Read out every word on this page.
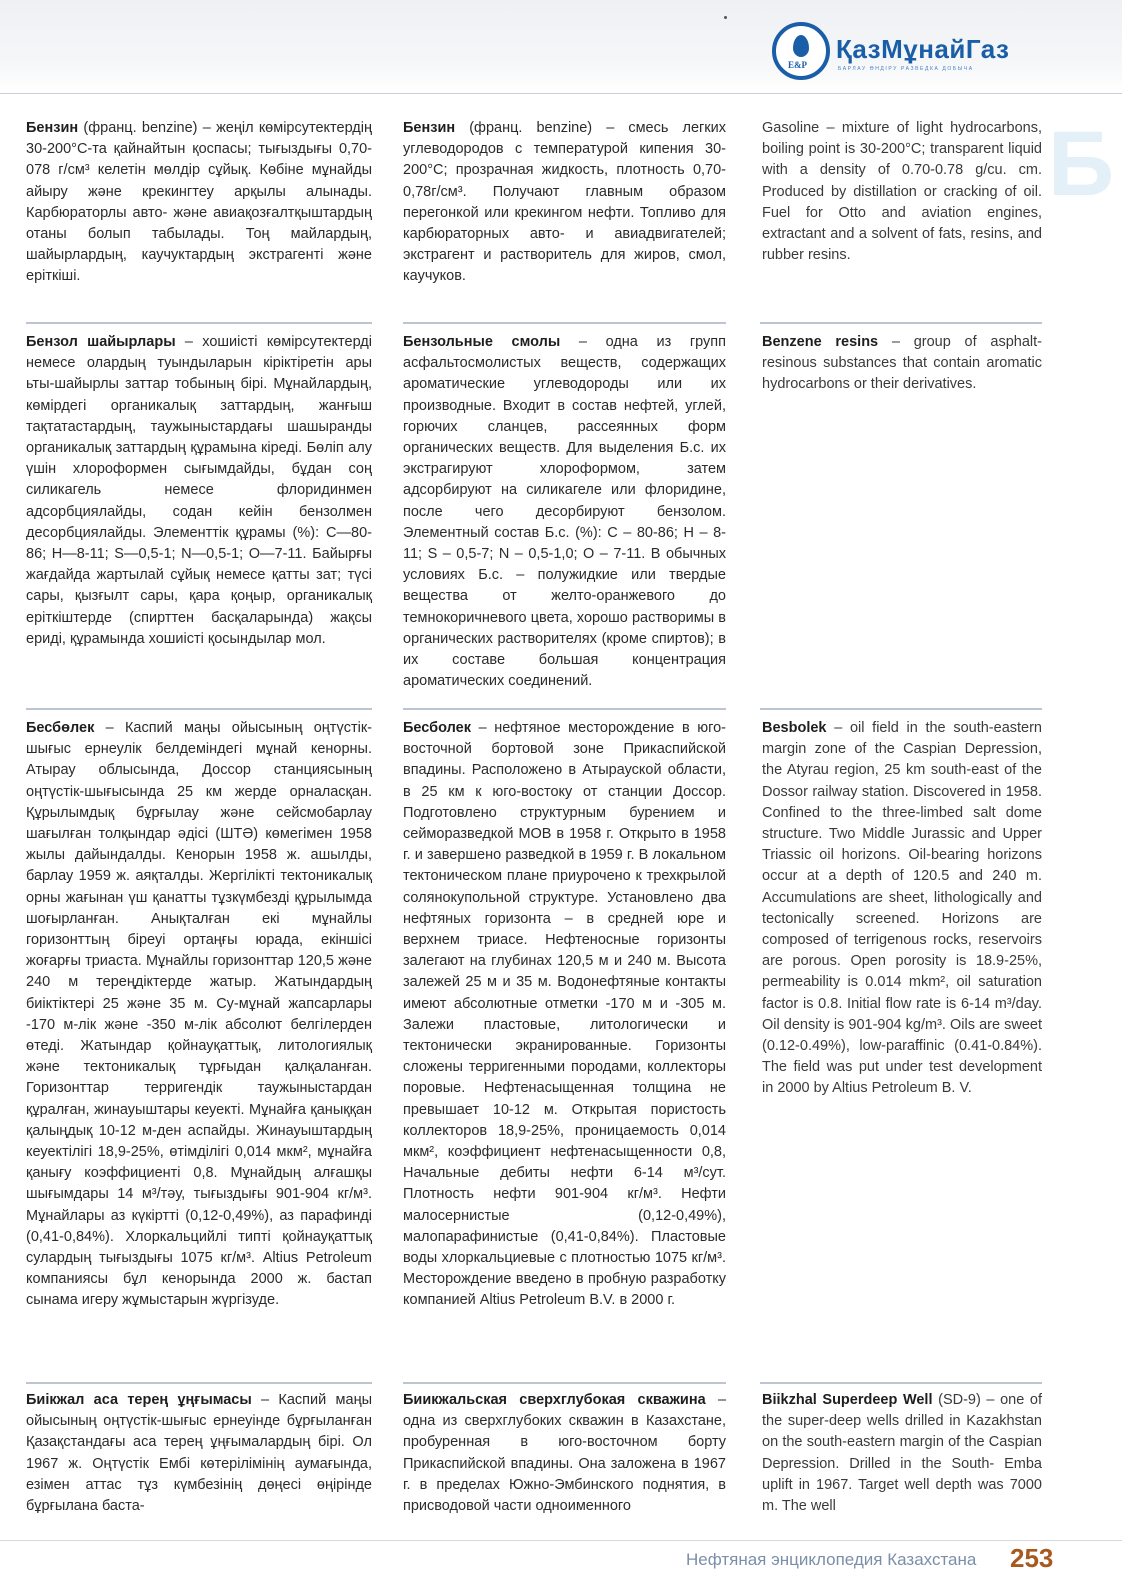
E&P
ҚазМұнайГаз
БАРЛАУ ӨНДІРУ РАЗВЕДКА ДОБЫЧА
Б
Бензин (франц. benzine) – жеңіл көмірсутектердің 30-200°С-та қайнайтын қоспасы; тығыздығы 0,70-078 г/см³ келетін мөлдір сұйық. Көбіне мұнайды айыру және крекингтеу арқылы алынады. Карбюраторлы авто- және авиақозғалтқыштардың отаны болып табылады. Тоң майлардың, шайырлардың, каучуктардың экстрагенті және еріткіші.
Бензин (франц. benzine) – смесь легких углеводородов с температурой кипения 30-200°С; прозрачная жидкость, плотность 0,70-0,78г/см³. Получают главным образом перегонкой или крекингом нефти. Топливо для карбюраторных авто- и авиадвигателей; экстрагент и растворитель для жиров, смол, каучуков.
Gasoline – mixture of light hydrocarbons, boiling point is 30-200°C; transparent liquid with a density of 0.70-0.78 g/cu. cm. Produced by distillation or cracking of oil. Fuel for Otto and aviation engines, extractant and a solvent of fats, resins, and rubber resins.
Бензол шайырлары – хошиісті көмірсутектерді немесе олардың туындыларын кіріктіретін ары ьты-шайырлы заттар тобының бірі. Мұнайлардың, көмірдегі органикалық заттардың, жанғыш тақтатастардың, таужыныстардағы шашыранды органикалық заттардың құрамына кіреді. Бөліп алу үшін хлороформен сығымдайды, бұдан соң силикагель немесе флоридинмен адсорбциялайды, содан кейін бензолмен десорбциялайды. Элементтік құрамы (%): С—80-86; Н—8-11; S—0,5-1; N—0,5-1; О—7-11. Байырғы жағдайда жартылай сұйық немесе қатты зат; түсі сары, қызғылт сары, қара қоңыр, органикалық еріткіштерде (спирттен басқаларында) жақсы ериді, құрамында хошиісті қосындылар мол.
Бензольные смолы – одна из групп асфальтосмолистых веществ, содержащих ароматические углеводороды или их производные. Входит в состав нефтей, углей, горючих сланцев, рассеянных форм органических веществ. Для выделения Б.с. их экстрагируют хлороформом, затем адсорбируют на силикагеле или флоридине, после чего десорбируют бензолом. Элементный состав Б.с. (%): С – 80-86; Н – 8-11; S – 0,5-7; N – 0,5-1,0; О – 7-11. В обычных условиях Б.с. – полужидкие или твердые вещества от желто-оранжевого до темнокоричневого цвета, хорошо растворимы в органических растворителях (кроме спиртов); в их составе большая концентрация ароматических соединений.
Benzene resins – group of asphalt-resinous substances that contain aromatic hydrocarbons or their derivatives.
Бесбөлек – Каспий маңы ойысының оңтүстік-шығыс ернеулік белдеміндегі мұнай кенорны. Атырау облысында, Доссор станциясының оңтүстік-шығысында 25 км жерде орналасқан. Құрылымдық бұрғылау және сейсмобарлау шағылған толқындар әдісі (ШТӘ) көмегімен 1958 жылы дайындалды. Кенорын 1958 ж. ашылды, барлау 1959 ж. аяқталды. Жергілікті тектоникалық орны жағынан үш қанатты тұзкүмбезді құрылымда шоғырланған. Анықталған екі мұнайлы горизонттың біреуі ортаңғы юрада, екіншісі жоғарғы триаста. Мұнайлы горизонттар 120,5 және 240 м тереңдіктерде жатыр. Жатындардың биіктіктері 25 және 35 м. Су-мұнай жапсарлары -170 м-лік және -350 м-лік абсолют белгілерден өтеді. Жатындар қойнауқаттық, литологиялық және тектоникалық тұрғыдан қалқаланған. Горизонттар терригендік таужыныстардан құралған, жинауыштары кеуекті. Мұнайға қаныққан қалыңдық 10-12 м-ден аспайды. Жинауыштардың кеуектілігі 18,9-25%, өтімділігі 0,014 мкм², мұнайға қанығу коэффициенті 0,8. Мұнайдың алғашқы шығымдары 14 м³/тәу, тығыздығы 901-904 кг/м³. Мұнайлары аз күкіртті (0,12-0,49%), аз парафинді (0,41-0,84%). Хлоркальцийлі типті қойнауқаттық сулардың тығыздығы 1075 кг/м³. Altius Petroleum компаниясы бұл кенорында 2000 ж. бастап сынама игеру жұмыстарын жүргізуде.
Бесболек – нефтяное месторождение в юго-восточной бортовой зоне Прикаспийской впадины. Расположено в Атырауской области, в 25 км к юго-востоку от станции Доссор. Подготовлено структурным бурением и сейморазведкой МОВ в 1958 г. Открыто в 1958 г. и завершено разведкой в 1959 г. В локальном тектоническом плане приурочено к трехкрылой солянокупольной структуре. Установлено два нефтяных горизонта – в средней юре и верхнем триасе. Нефтеносные горизонты залегают на глубинах 120,5 м и 240 м. Высота залежей 25 м и 35 м. Водонефтяные контакты имеют абсолютные отметки -170 м и -305 м. Залежи пластовые, литологически и тектонически экранированные. Горизонты сложены терригенными породами, коллекторы поровые. Нефтенасыщенная толщина не превышает 10-12 м. Открытая пористость коллекторов 18,9-25%, проницаемость 0,014 мкм², коэффициент нефтенасыщенности 0,8, Начальные дебиты нефти 6-14 м³/сут. Плотность нефти 901-904 кг/м³. Нефти малосернистые (0,12-0,49%), малопарафинистые (0,41-0,84%). Пластовые воды хлоркальциевые с плотностью 1075 кг/м³. Месторождение введено в пробную разработку компанией Altius Petroleum B.V. в 2000 г.
Besbolek – oil field in the south-eastern margin zone of the Caspian Depression, the Atyrau region, 25 km south-east of the Dossor railway station. Discovered in 1958. Confined to the three-limbed salt dome structure. Two Middle Jurassic and Upper Triassic oil horizons. Oil-bearing horizons occur at a depth of 120.5 and 240 m. Accumulations are sheet, lithologically and tectonically screened. Horizons are composed of terrigenous rocks, reservoirs are porous. Open porosity is 18.9-25%, permeability is 0.014 mkm², oil saturation factor is 0.8. Initial flow rate is 6-14 m³/day. Oil density is 901-904 kg/m³. Oils are sweet (0.12-0.49%), low-paraffinic (0.41-0.84%). The field was put under test development in 2000 by Altius Petroleum B. V.
Биікжал аса терең ұңғымасы – Каспий маңы ойысының оңтүстік-шығыс ернеуінде бұрғыланған Қазақстандағы аса терең ұңғымалардың бірі. Ол 1967 ж. Оңтүстік Ембі көтерілімінің аумағында, езімен аттас тұз күмбезінің дөңесі өңірінде бұрғылана баста-
Биикжальская сверхглубокая скважина – одна из сверхглубоких скважин в Казахстане, пробуренная в юго-восточном борту Прикаспийской впадины. Она заложена в 1967 г. в пределах Южно-Эмбинского поднятия, в присводовой части одноименного
Biikzhal Superdeep Well (SD-9) – one of the super-deep wells drilled in Kazakhstan on the south-eastern margin of the Caspian Depression. Drilled in the South- Emba uplift in 1967. Target well depth was 7000 m. The well
Нефтяная энциклопедия Казахстана 253
